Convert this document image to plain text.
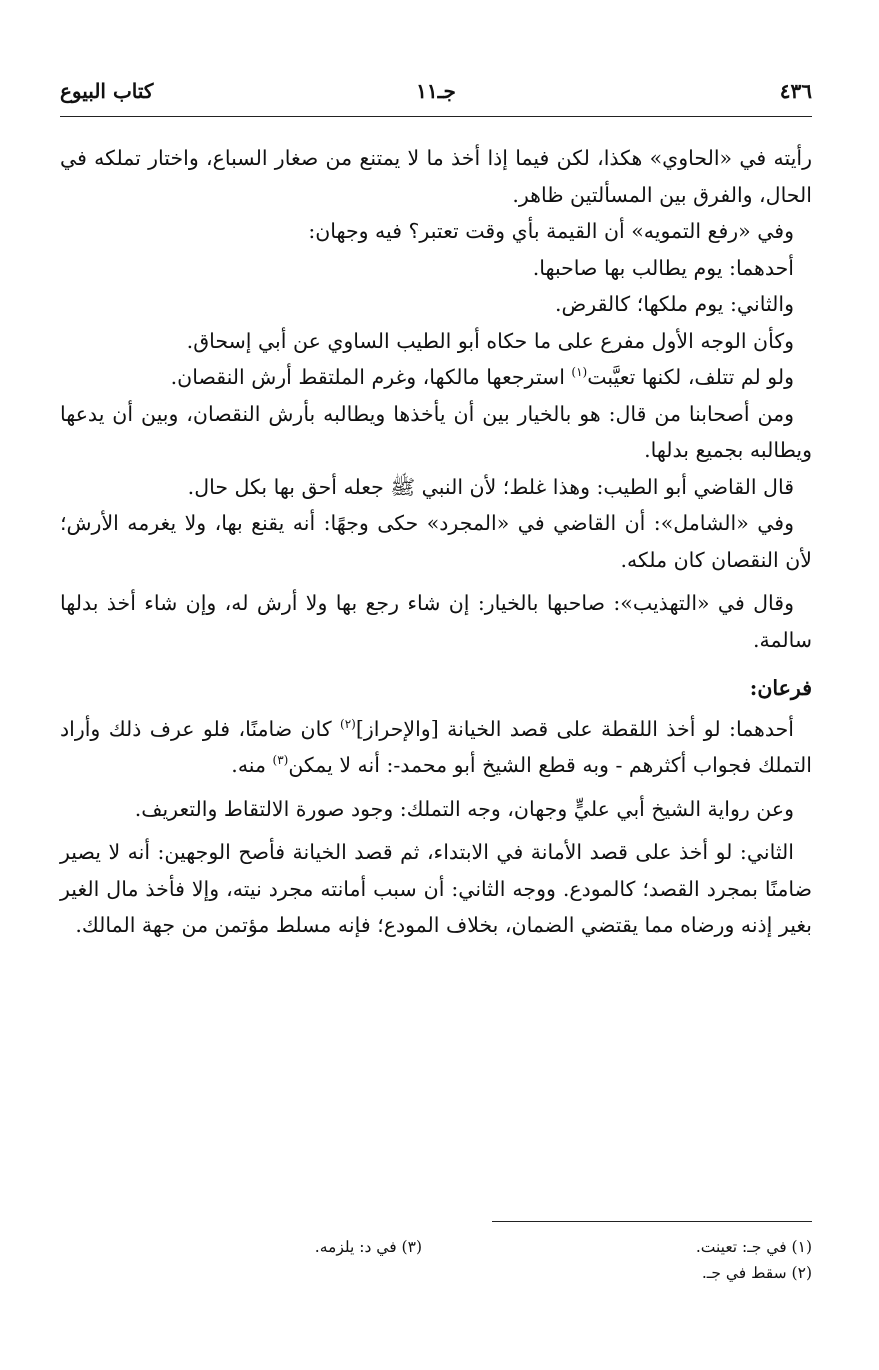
٤٣٦
جـ١١
كتاب البيوع

رأيته في «الحاوي» هكذا، لكن فيما إذا أخذ ما لا يمتنع من صغار السباع، واختار تملكه في الحال، والفرق بين المسألتين ظاهر.

وفي «رفع التمويه» أن القيمة بأي وقت تعتبر؟ فيه وجهان:

أحدهما: يوم يطالب بها صاحبها.

والثاني: يوم ملكها؛ كالقرض.

وكأن الوجه الأول مفرع على ما حكاه أبو الطيب الساوي عن أبي إسحاق.

ولو لم تتلف، لكنها تعيَّبت$^{(١)}$ استرجعها مالكها، وغرم الملتقط أرش النقصان.

ومن أصحابنا من قال: هو بالخيار بين أن يأخذها ويطالبه بأرش النقصان، وبين أن يدعها ويطالبه بجميع بدلها.

قال القاضي أبو الطيب: وهذا غلط؛ لأن النبي ﷺ جعله أحق بها بكل حال.

وفي «الشامل»: أن القاضي في «المجرد» حكى وجهًا: أنه يقنع بها، ولا يغرمه الأرش؛ لأن النقصان كان ملكه.

وقال في «التهذيب»: صاحبها بالخيار: إن شاء رجع بها ولا أرش له، وإن شاء أخذ بدلها سالمة.

فرعان:

أحدهما: لو أخذ اللقطة على قصد الخيانة [والإحراز]$^{(٢)}$ كان ضامنًا، فلو عرف ذلك وأراد التملك فجواب أكثرهم - وبه قطع الشيخ أبو محمد-: أنه لا يمكن$^{(٣)}$ منه.

وعن رواية الشيخ أبي عليٍّ وجهان، وجه التملك: وجود صورة الالتقاط والتعريف.

الثاني: لو أخذ على قصد الأمانة في الابتداء، ثم قصد الخيانة فأصح الوجهين: أنه لا يصير ضامنًا بمجرد القصد؛ كالمودع. ووجه الثاني: أن سبب أمانته مجرد نيته، وإلا فأخذ مال الغير بغير إذنه ورضاه مما يقتضي الضمان، بخلاف المودع؛ فإنه مسلط مؤتمن من جهة المالك.

(١) في جـ: تعينت.
(٣) في د: يلزمه.
(٢) سقط في جـ.
